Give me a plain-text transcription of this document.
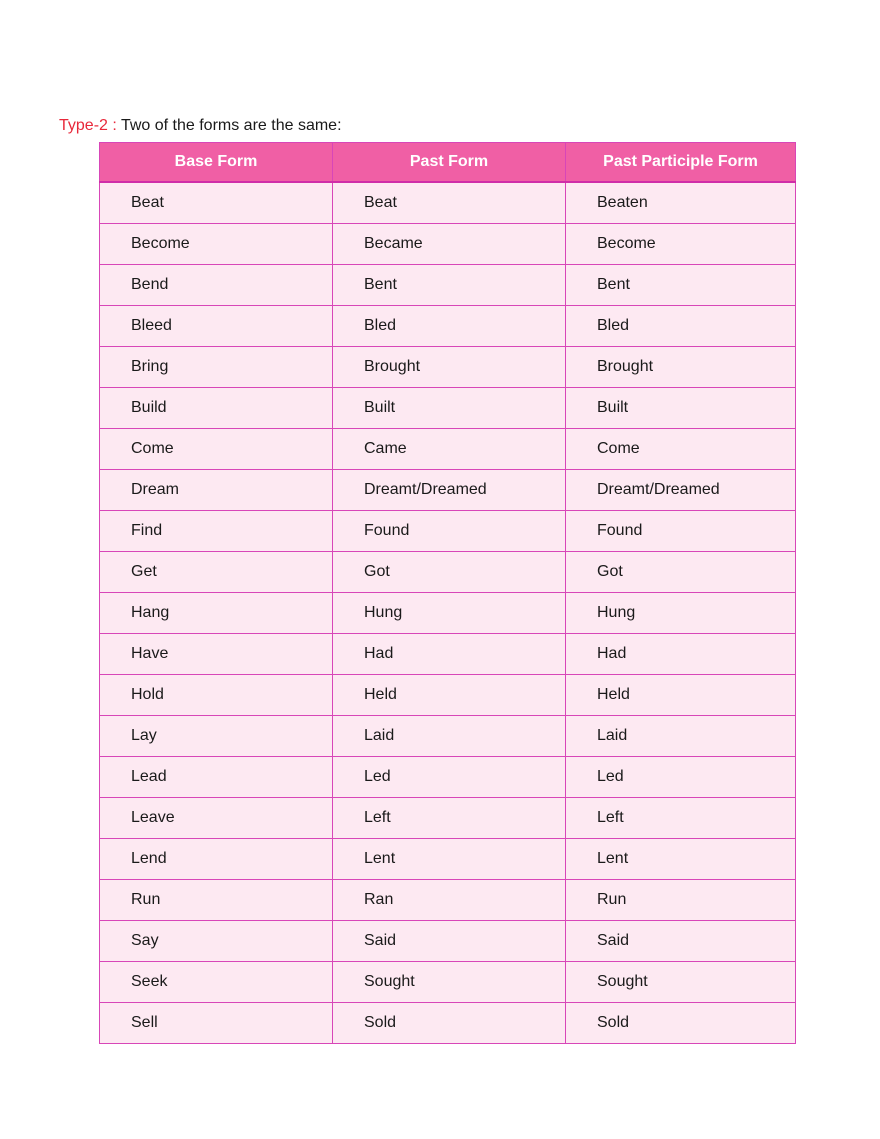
Type-2 : Two of the forms are the same:
Base Form	Past Form	Past Participle Form
Beat	Beat	Beaten
Become	Became	Become
Bend	Bent	Bent
Bleed	Bled	Bled
Bring	Brought	Brought
Build	Built	Built
Come	Came	Come
Dream	Dreamt/Dreamed	Dreamt/Dreamed
Find	Found	Found
Get	Got	Got
Hang	Hung	Hung
Have	Had	Had
Hold	Held	Held
Lay	Laid	Laid
Lead	Led	Led
Leave	Left	Left
Lend	Lent	Lent
Run	Ran	Run
Say	Said	Said
Seek	Sought	Sought
Sell	Sold	Sold
